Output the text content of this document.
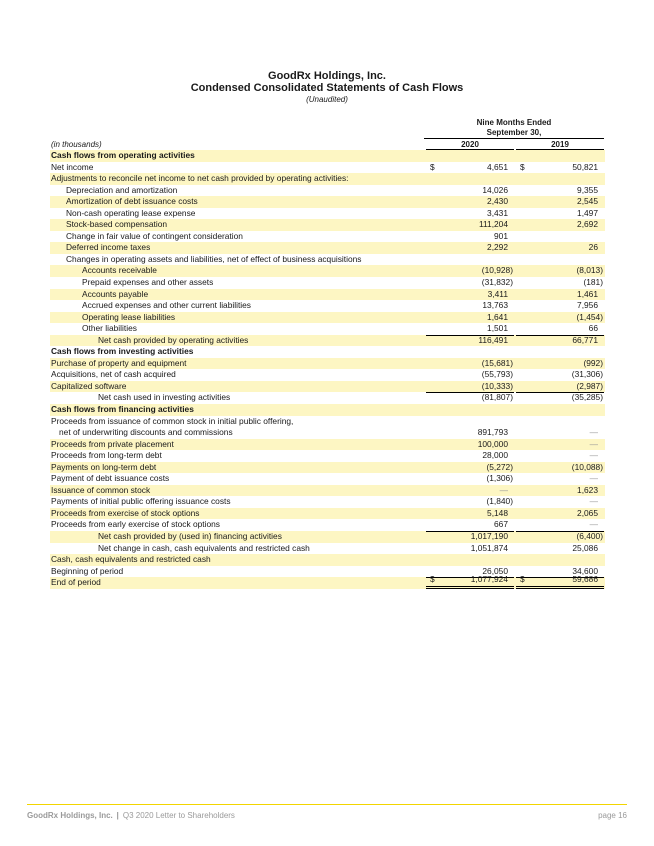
GoodRx Holdings, Inc.
Condensed Consolidated Statements of Cash Flows
(Unaudited)
Nine Months Ended
September 30,
(in thousands)	2020	2019
Cash flows from operating activities
Net income	$	4,651 $	50,821
Adjustments to reconcile net income to net cash provided by operating activities:
Depreciation and amortization	14,026	9,355
Amortization of debt issuance costs	2,430	2,545
Non-cash operating lease expense	3,431	1,497
Stock-based compensation	111,204	2,692
Change in fair value of contingent consideration	901
Deferred income taxes	2,292	26
Changes in operating assets and liabilities, net of effect of business acquisitions
Accounts receivable	(10,928)	(8,013)
Prepaid expenses and other assets	(31,832)	(181)
Accounts payable	3,411	1,461
Accrued expenses and other current liabilities	13,763	7,956
Operating lease liabilities	1,641	(1,454)
Other liabilities	1,501	66
Net cash provided by operating activities	116,491	66,771
Cash flows from investing activities
Purchase of property and equipment	(15,681)	(992)
Acquisitions, net of cash acquired	(55,793)	(31,306)
Capitalized software	(10,333)	(2,987)
Net cash used in investing activities	(81,807)	(35,285)
Cash flows from financing activities
Proceeds from issuance of common stock in initial public offering,
net of underwriting discounts and commissions	891,793	—
Proceeds from private placement	100,000	—
Proceeds from long-term debt	28,000	—
Payments on long-term debt	(5,272)	(10,088)
Payment of debt issuance costs	(1,306)	—
Issuance of common stock	—	1,623
Payments of initial public offering issuance costs	(1,840)	—
Proceeds from exercise of stock options	5,148	2,065
Proceeds from early exercise of stock options	667	—
Net cash provided by (used in) financing activities	1,017,190	(6,400)
Net change in cash, cash equivalents and restricted cash	1,051,874	25,086
Cash, cash equivalents and restricted cash
Beginning of period	26,050	34,600
End of period	$	1,077,924 $	59,686
GoodRx Holdings, Inc. | Q3 2020 Letter to Shareholders	page 16
